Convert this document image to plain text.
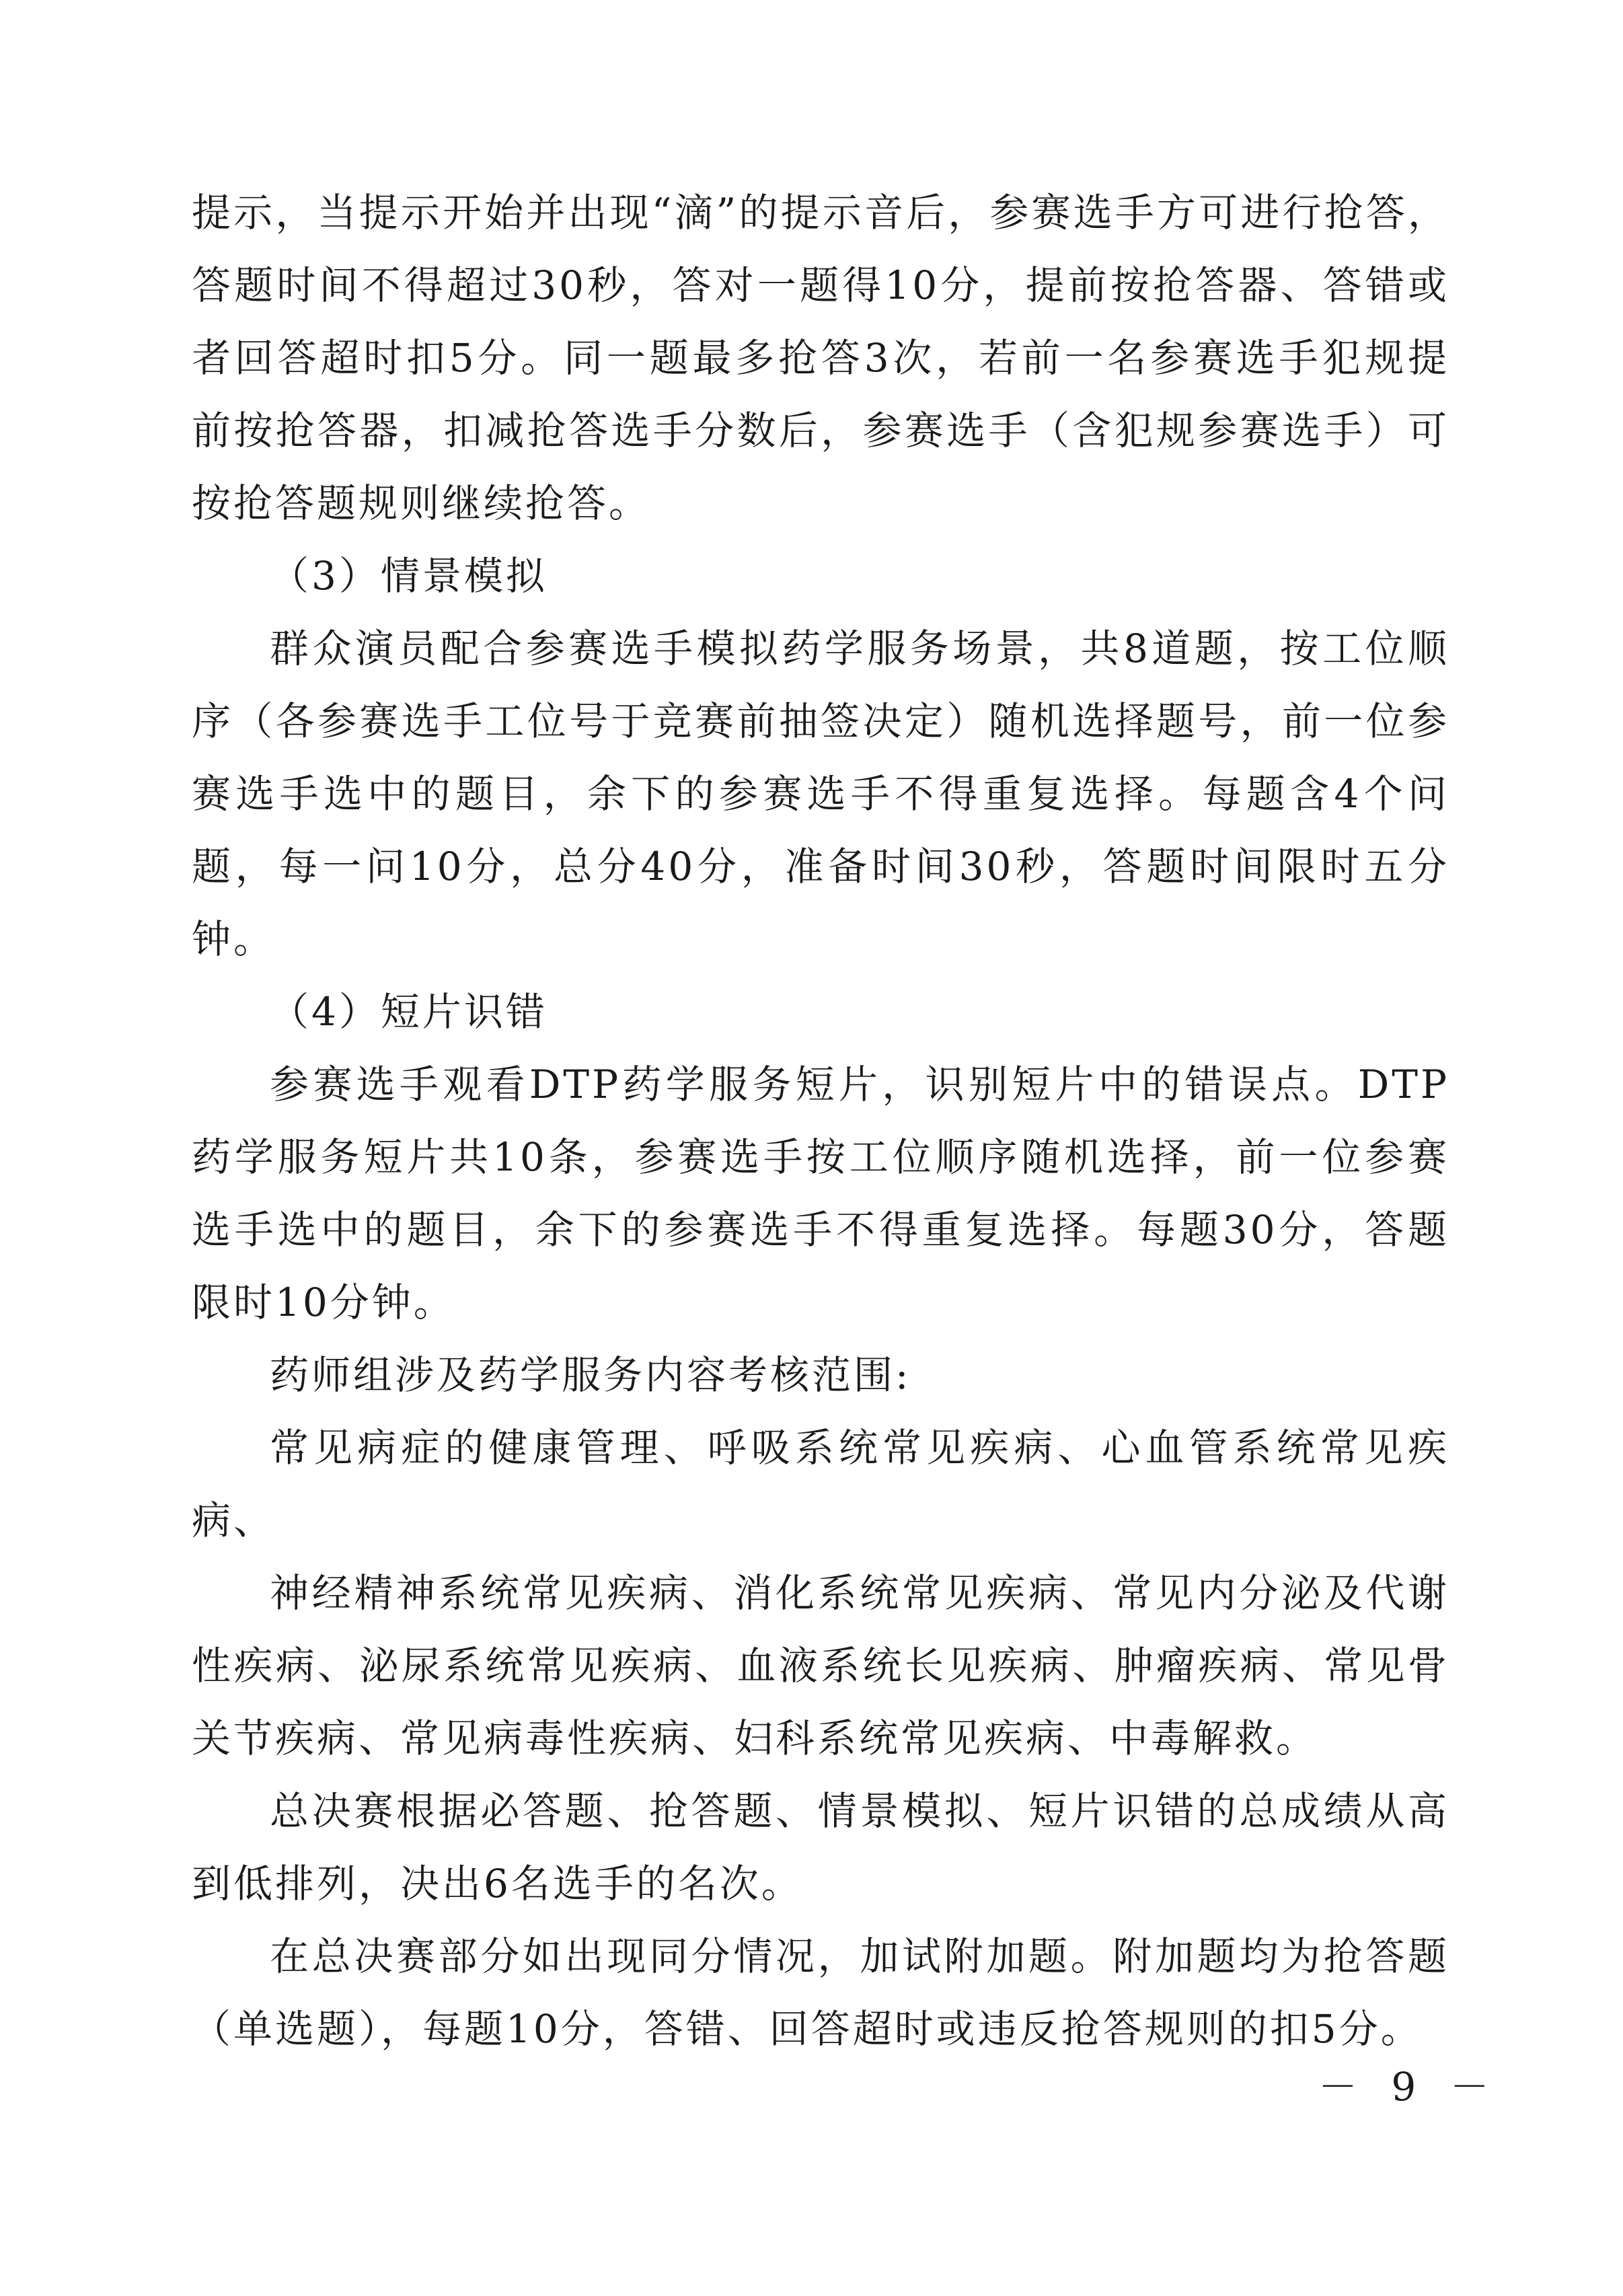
提示，当提示开始并出现“滴”的提示音后，参赛选手方可进行抢答，答题时间不得超过30秒，答对一题得10分，提前按抢答器、答错或者回答超时扣5分。同一题最多抢答3次，若前一名参赛选手犯规提前按抢答器，扣减抢答选手分数后，参赛选手（含犯规参赛选手）可按抢答题规则继续抢答。

（3）情景模拟

群众演员配合参赛选手模拟药学服务场景，共8道题，按工位顺序（各参赛选手工位号于竞赛前抽签决定）随机选择题号，前一位参赛选手选中的题目，余下的参赛选手不得重复选择。每题含4个问题，每一问10分，总分40分，准备时间30秒，答题时间限时五分钟。

（4）短片识错

参赛选手观看DTP药学服务短片，识别短片中的错误点。DTP药学服务短片共10条，参赛选手按工位顺序随机选择，前一位参赛选手选中的题目，余下的参赛选手不得重复选择。每题30分，答题限时10分钟。

药师组涉及药学服务内容考核范围:

常见病症的健康管理、呼吸系统常见疾病、心血管系统常见疾病、

神经精神系统常见疾病、消化系统常见疾病、常见内分泌及代谢性疾病、泌尿系统常见疾病、血液系统长见疾病、肿瘤疾病、常见骨关节疾病、常见病毒性疾病、妇科系统常见疾病、中毒解救。

总决赛根据必答题、抢答题、情景模拟、短片识错的总成绩从高到低排列，决出6名选手的名次。

在总决赛部分如出现同分情况，加试附加题。附加题均为抢答题（单选题），每题10分，答错、回答超时或违反抢答规则的扣5分。

－ 9 －
